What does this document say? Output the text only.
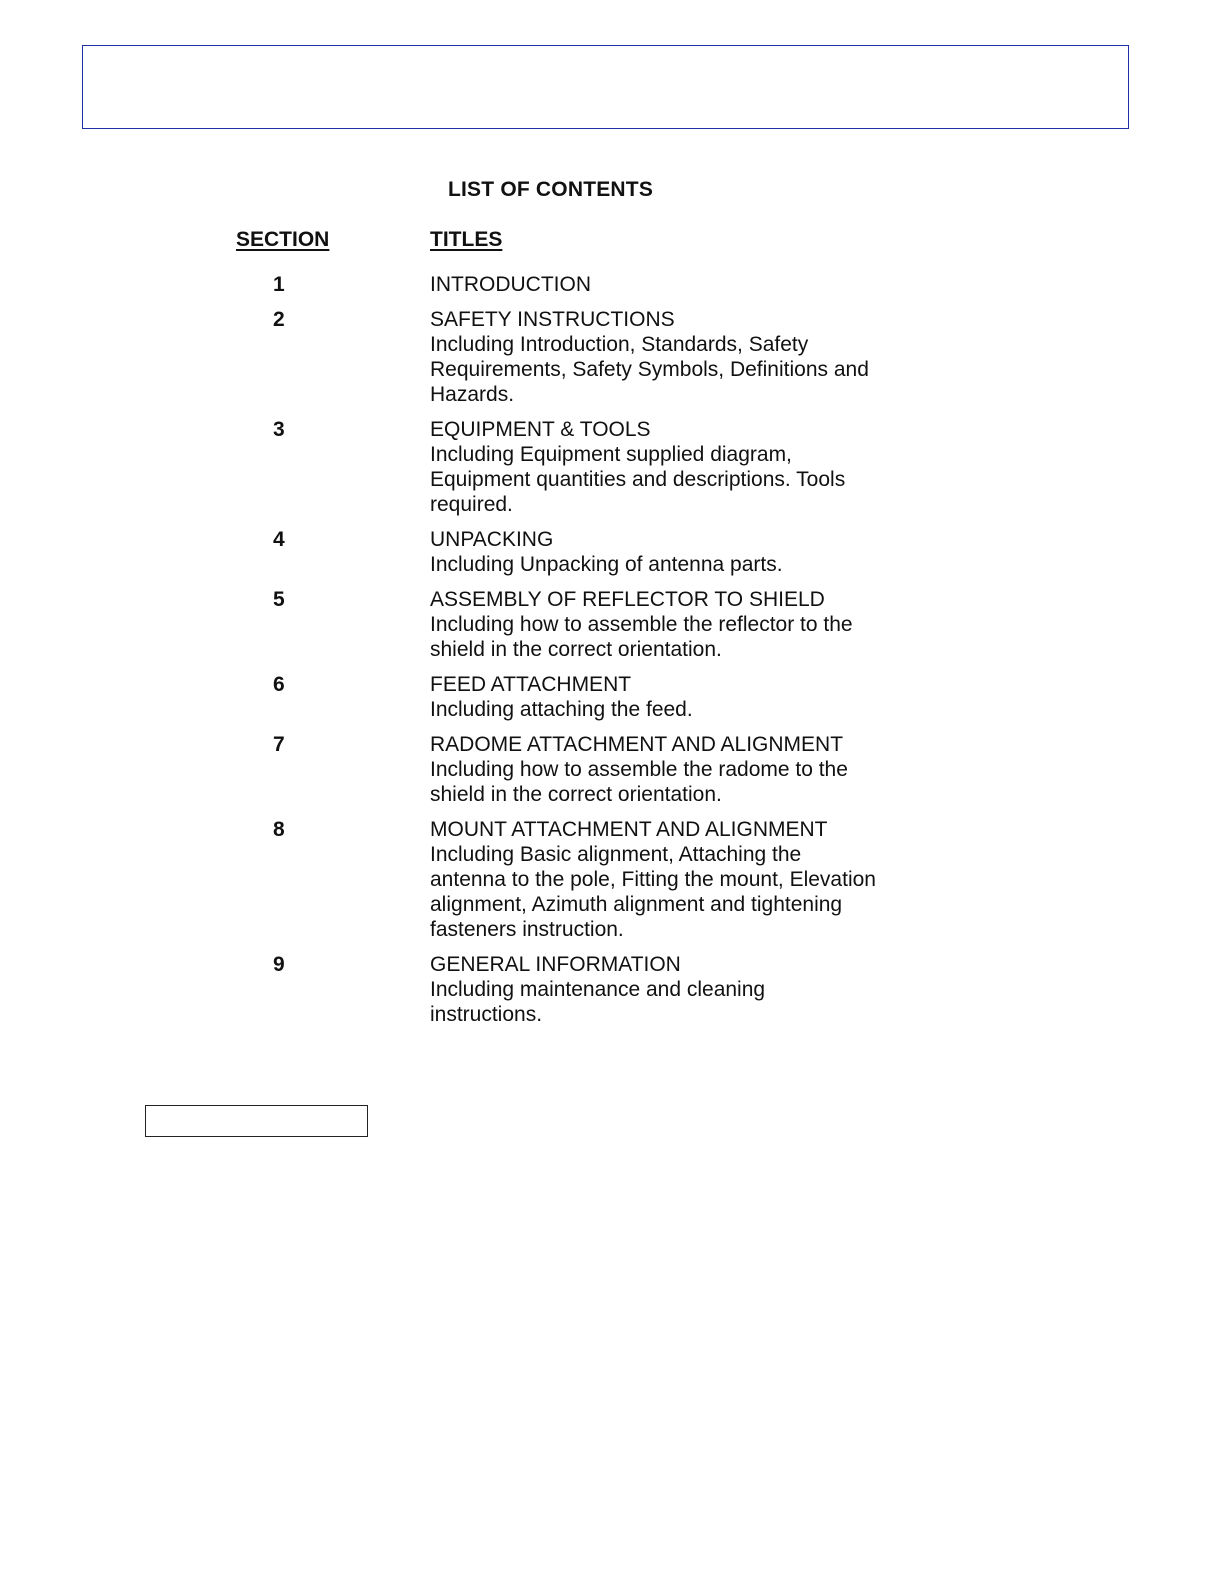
LIST OF CONTENTS
SECTION	TITLES
1	INTRODUCTION
2	SAFETY INSTRUCTIONS
Including Introduction, Standards, Safety Requirements, Safety Symbols, Definitions and Hazards.
3	EQUIPMENT & TOOLS
Including Equipment supplied diagram, Equipment quantities and descriptions. Tools required.
4	UNPACKING
Including Unpacking of antenna parts.
5	ASSEMBLY OF REFLECTOR TO SHIELD
Including how to assemble the reflector to the shield in the correct orientation.
6	FEED ATTACHMENT
Including attaching the feed.
7	RADOME ATTACHMENT AND ALIGNMENT
Including how to assemble the radome to the shield in the correct orientation.
8	MOUNT ATTACHMENT AND ALIGNMENT
Including Basic alignment, Attaching the antenna to the pole, Fitting the mount, Elevation alignment, Azimuth alignment and tightening fasteners instruction.
9	GENERAL INFORMATION
Including maintenance and cleaning instructions.
